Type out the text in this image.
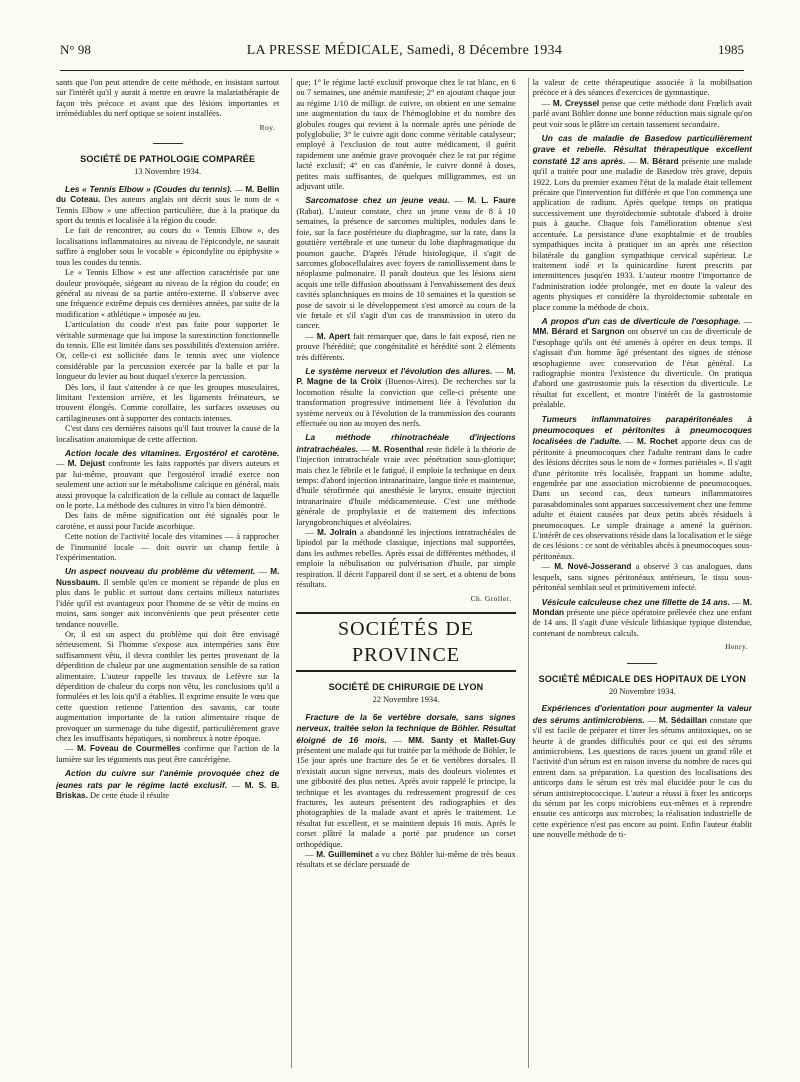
N° 98	LA PRESSE MÉDICALE, Samedi, 8 Décembre 1934	1985

sants que l'on peut attendre de cette méthode, en insistant surtout sur l'intérêt qu'il y aurait à mettre en œuvre la malariathérapie de façon très précoce et avant que des lésions importantes et irrémédiables du nerf optique se soient installées.

Roy.
SOCIÉTÉ DE PATHOLOGIE COMPARÉE
13 Novembre 1934.

Les « Tennis Elbow » (Coudes du tennis). — M. Bellin du Coteau. Des auteurs anglais ont décrit sous le nom de « Tennis Elbow » une affection particulière, due à la pratique du sport du tennis et localisée à la région du coude.

Le fait de rencontrer, au cours du « Tennis Elbow », des localisations inflammatoires au niveau de l'épicondyle, ne saurait suffire à englober sous le vocable « épicondylite ou épiphysite » tous les coudes du tennis.

Le « Tennis Elbow » est une affection caractérisée par une douleur provoquée, siégeant au niveau de la région du coude; en général au niveau de sa partie antéro-externe. Il s'observe avec une fréquence extrême depuis ces dernières années, par suite de la modification « athlétique » imposée au jeu.

L'articulation du coude n'est pas faite pour supporter le véritable surmenage que lui impose la surextinction fonctionnelle du tennis. Elle est limitée dans ses possibilités d'extension arrière. Or, celle-ci est sollicitée dans le tennis avec une violence considérable par la percussion exercée par la balle et par la longueur du levier au bout duquel s'exerce la percussion.

Dès lors, il faut s'attendre à ce que les groupes musculaires, limitant l'extension arrière, et les ligaments fréinateurs, se trouvent élongés. Comme corollaire, les surfaces osseuses ou cartilagineuses ont à supporter des contacts intenses.

C'est dans ces dernières raisons qu'il faut trouver la cause de la localisation anatomique de cette affection.

Action locale des vitamines. Ergostérol et carotène. — M. Dejust confronte les faits rapportés par divers auteurs et par lui-même, prouvant que l'ergostérol irradié exerce non seulement une action sur le métabolisme calcique en général, mais aussi provoque la calcification de la cellule au contact de laquelle on le porte. La méthode des cultures in vitro l'a bien démontré.

Des faits de même signification ont été signalés pour le carotène, et aussi pour l'acide ascorbique.

Cette notion de l'activité locale des vitamines — à rapprocher de l'immunité locale — doit ouvrir un champ fertile à l'expérimentation.

Un aspect nouveau du problème du vêtement. — M. Nussbaum. Il semble qu'en ce moment se répande de plus en plus dans le public et surtout dans certains milieux naturistes l'idée qu'il est avantageux pour l'homme de se vêtir de moins en moins, sans songer aux inconvénients que peut présenter cette tendance nouvelle.

Or, il est un aspect du problème qui doit être envisagé sérieusement. Si l'homme s'expose aux intempéries sans être suffisamment vêtu, il devra combler les pertes provenant de la déperdition de chaleur par une augmentation sensible de sa ration alimentaire. L'auteur rappelle les travaux de Lefèvre sur la déperdition de chaleur du corps non vêtu, les conclusions qu'il a formulées et les lois qu'il a établies. Il exprime ensuite le vœu que cette question retienne l'attention des savants, car toute augmentation importante de la ration alimentaire risque de provoquer un surmenage du tube digestif, particulièrement grave chez les insuffisants hépatiques, si nombreux à notre époque.

— M. Foveau de Courmelles confirme que l'action de la lumière sur les téguments nus peut être cancérigène.

Action du cuivre sur l'anémie provoquée chez de jeunes rats par le régime lacté exclusif. — M. S. B. Briskas. De cette étude il résulte

que: 1° le régime lacté exclusif provoque chez le rat blanc, en 6 ou 7 semaines, une anémie manifeste; 2° en ajoutant chaque jour au régime 1/10 de milligr. de cuivre, on obtient en une semaine une augmentation du taux de l'hémoglobine et du nombre des globules rouges qui revient à la normale après une période de polyglobulie; 3° le cuivre agit donc comme véritable catalyseur; employé à l'exclusion de tout autre médicament, il guérit rapidement une anémie grave provoquée chez le rat par régime lacté exclusif; 4° en cas d'anémie, le cuivre donné à doses, petites mais suffisantes, de quelques milligrammes, est un adjuvant utile.

Sarcomatose chez un jeune veau. — M. L. Faure (Rabat). L'auteur constate, chez un jeune veau de 8 à 10 semaines, la présence de sarcomes multiples, nodules dans le foie, sur la face postérieure du diaphragme, sur la rate, dans la gouttière vertébrale et une tumeur du lobe diaphragmatique du poumon gauche. D'après l'étude histologique, il s'agit de sarcomes globocellulaires avec foyers de ramollissement dans le néoplasme pulmonaire. Il paraît douteux que les lésions aient acquis une telle diffusion aboutissant à l'envahissement des deux cavités splanchniques en moins de 10 semaines et la question se pose de savoir si le développement s'est amorcé au cours de la vie fœtale et s'il s'agit d'un cas de transmission in utero du cancer.

— M. Apert fait remarquer que, dans le fait exposé, rien ne prouve l'hérédité; que congénitalité et hérédité sont 2 éléments très différents.

Le système nerveux et l'évolution des allures. — M. P. Magne de la Croix (Buenos-Aires). De recherches sur la locomotion résulte la conviction que celle-ci présente une transformation progressive intimement liée à l'évolution du système nerveux ou à l'évolution de la transmission des courants effectuée ou non au moyen des nerfs.

La méthode rhinotrachéale d'injections intratrachéales. — M. Rosenthal reste fidèle à la théorie de l'injection intratrachéale vraie avec pénétration sous-glottique; mais chez le fébrile et le fatigué, il emploie la technique en deux temps: d'abord injection intranarinaire, langue tirée et maintenue, d'huile sérofirmée qui anesthésie le larynx, ensuite injection intranarinaire d'huile médicamenteuse. C'est une méthode générale de prophylaxie et de traitement des infections laryngobronchiques et alvéolaires.

— M. Jolrain a abandonné les injections intratrachéales de lipiodol par la méthode classique, injections mal supportées, dans les asthmes rebelles. Après essai de différentes méthodes, il emploie la nébulisation ou pulvérisation d'huile, par simple respiration. Il décrit l'appareil dont il se sert, et a obtenu de bons résultats.

Ch. Grollet.
SOCIÉTÉS DE PROVINCE
SOCIÉTÉ DE CHIRURGIE DE LYON
22 Novembre 1934.

Fracture de la 6e vertèbre dorsale, sans signes nerveux, traitée selon la technique de Böhler. Résultat éloigné de 16 mois. — MM. Santy et Mallet-Guy présentent une malade qui fut traitée par la méthode de Böhler, le 15e jour après une fracture des 5e et 6e vertèbres dorsales. Il n'existait aucun signe nerveux, mais des douleurs violentes et une gibbosité des plus nettes. Après avoir rappelé le principe, la technique et les avantages du redressement progressif de ces fractures, les auteurs présentent des radiographies et des photographies de la malade avant et après le traitement. Le résultat fut excellent, et se maintient depuis 16 mois. Après le corset plâtré la malade a porté par prudence un corset orthopédique.

— M. Guilleminet a vu chez Böhler lui-même de très beaux résultats et se déclare persuadé de

la valeur de cette thérapeutique associée à la mobilisation précoce et à des séances d'exercices de gymnastique.

— M. Creyssel pense que cette méthode dont Frœlich avait parlé avant Böhler donne une bonne réduction mais signale qu'on peut voir sous le plâtre un certain tassement secondaire.

Un cas de maladie de Basedow particulièrement grave et rebelle. Résultat thérapeutique excellent constaté 12 ans après. — M. Bérard présente une malade qu'il a traitée pour une maladie de Basedow très grave, depuis 1922. Lors du premier examen l'état de la malade était tellement précaire que l'intervention fut différée et que l'on commença une application de radium. Après quelque temps on pratiqua successivement une thyroïdectomie subtotale d'abord à droite puis à gauche. Chaque fois l'amélioration obtenue s'est accentuée. La persistance d'une exophtalmie et de troubles sympathiques incita à pratiquer un an après une résection bilatérale du ganglion sympathique cervical supérieur. Le traitement iodé et la quinicardine furent prescrits par intermittences jusqu'en 1933. L'auteur montre l'importance de l'administration iodée prolongée, met en doute la valeur des agents physiques et considère la thyroïdectomie subtotale en place comme la méthode de choix.

A propos d'un cas de diverticule de l'œsophage. — MM. Bérard et Sargnon ont observé un cas de diverticule de l'œsophage qu'ils ont été amenés à opérer en deux temps. Il s'agissait d'un homme âgé présentant des signes de sténose œsophagienne avec conservation de l'état général. La radiographie montra l'existence du diverticule. On pratiqua d'abord une gastrostomie puis la résection du diverticule. Le résultat fut excellent, et montre l'intérêt de la gastrostomie préalable.

Tumeurs inflammatoires parapéritonéales à pneumocoques et péritonites à pneumocoques localisées de l'adulte. — M. Rochet apporte deux cas de péritonite à pneumocoques chez l'adulte rentrant dans le cadre des lésions décrites sous le nom de « formes pariétales ». Il s'agit d'une péritonite très localisée, frappant un homme adulte, engendrée par une association microbienne de pneumocoques. Dans un second cas, deux tumeurs inflammatoires parasabdominales sont apparues successivement chez une femme adulte et étaient causées par deux petits abcès résiduels à pneumocoques. Le simple drainage a amené la guérison. L'intérêt de ces observations réside dans la localisation et le siège de ces lésions : ce sont de véritables abcès à pneumocoques sous-péritonéaux.

— M. Nové-Josserand a observé 3 cas analogues, dans lesquels, sans signes péritonéaux antérieurs, le tissu sous-péritonéal semblait seul et primitivement infecté.

Vésicule calculeuse chez une fillette de 14 ans. — M. Mondan présente une pièce opératoire prélevée chez une enfant de 14 ans. Il s'agit d'une vésicule lithiasique typique distendue, contenant de nombreux calculs.

Henry.
SOCIÉTÉ MÉDICALE DES HOPITAUX DE LYON
20 Novembre 1934.

Expériences d'orientation pour augmenter la valeur des sérums antimicrobiens. — M. Sédaillan constate que s'il est facile de préparer et titrer les sérums antitoxiques, on se heurte à de grandes difficultés pour ce qui est des sérums antimicrobiens. Les questions de races jouent un grand rôle et l'activité d'un sérum est en raison inverse du nombre de races qui entrent dans sa préparation. La question des localisations des anticorps dans le sérum est très mal élucidée pour le cas du sérum antistreptococcique. L'auteur a réussi à fixer les anticorps du sérum par les corps microbiens eux-mêmes et à reprendre ensuite ces anticorps aux microbes; la réalisation industrielle de cette expérience n'est pas encore au point. Enfin l'auteur établit une nouvelle méthode de ti-
